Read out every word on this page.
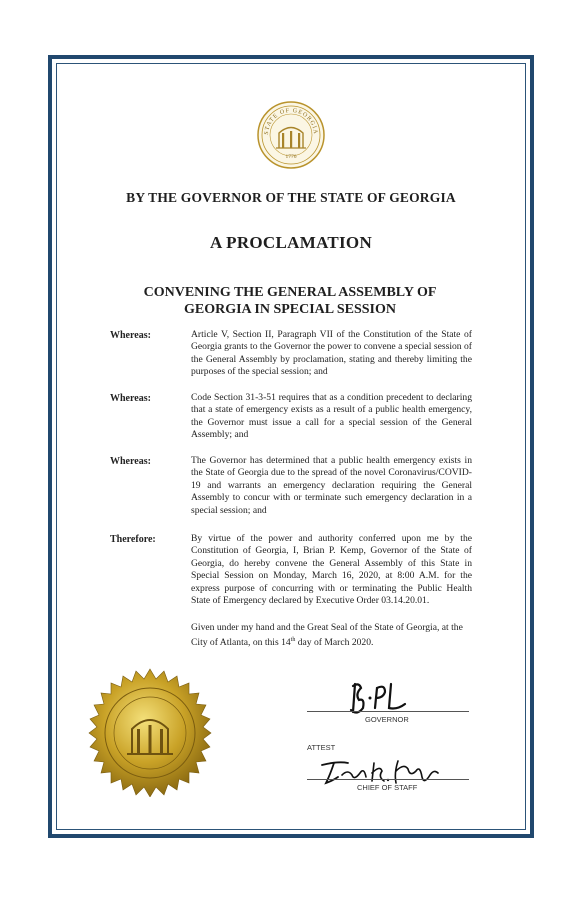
STATE OF GEORGIA
1776
BY THE GOVERNOR OF THE STATE OF GEORGIA
A PROCLAMATION
CONVENING THE GENERAL ASSEMBLY OF
GEORGIA IN SPECIAL SESSION
Whereas:	Article V, Section II, Paragraph VII of the Constitution of the State of Georgia grants to the Governor the power to convene a special session of the General Assembly by proclamation, stating and thereby limiting the purposes of the special session; and
Whereas:	Code Section 31-3-51 requires that as a condition precedent to declaring that a state of emergency exists as a result of a public health emergency, the Governor must issue a call for a special session of the General Assembly; and
Whereas:	The Governor has determined that a public health emergency exists in the State of Georgia due to the spread of the novel Coronavirus/COVID-19 and warrants an emergency declaration requiring the General Assembly to concur with or terminate such emergency declaration in a special session; and
Therefore:	By virtue of the power and authority conferred upon me by the Constitution of Georgia, I, Brian P. Kemp, Governor of the State of Georgia, do hereby convene the General Assembly of this State in Special Session on Monday, March 16, 2020, at 8:00 A.M. for the express purpose of concurring with or terminating the Public Health State of Emergency declared by Executive Order 03.14.20.01.
Given under my hand and the Great Seal of the State of Georgia, at the City of Atlanta, on this 14th day of March 2020.
GOVERNOR
ATTEST
CHIEF OF STAFF
